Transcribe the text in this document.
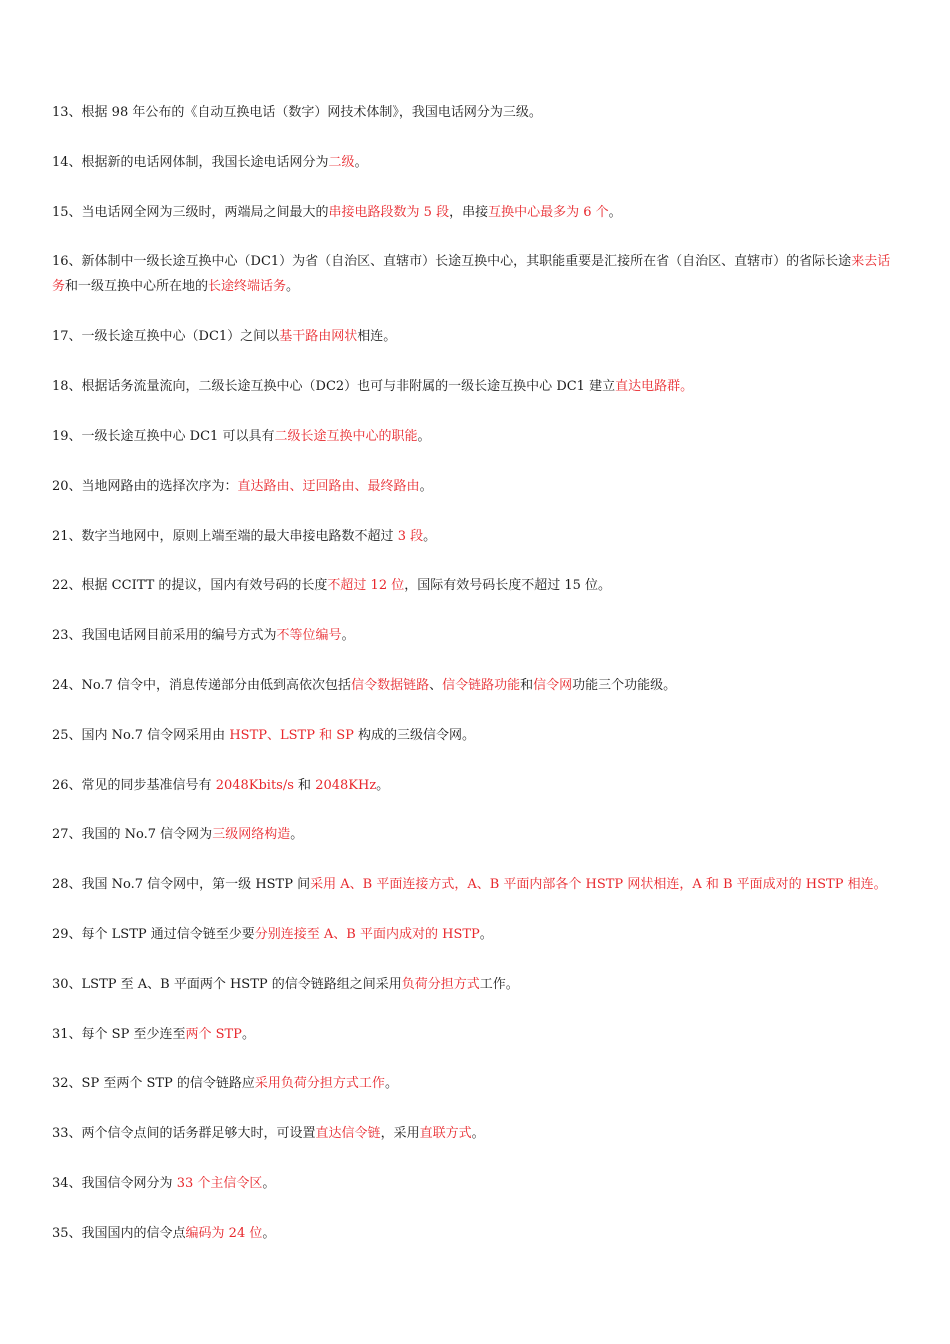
13、根据 98 年公布的《自动互换电话（数字）网技术体制》，我国电话网分为三级。
14、根据新的电话网体制，我国长途电话网分为二级。
15、当电话网全网为三级时，两端局之间最大的串接电路段数为 5 段，串接互换中心最多为 6 个。
16、新体制中一级长途互换中心（DC1）为省（自治区、直辖市）长途互换中心，其职能重要是汇接所在省（自治区、直辖市）的省际长途来去话务和一级互换中心所在地的长途终端话务。
17、一级长途互换中心（DC1）之间以基干路由网状相连。
18、根据话务流量流向，二级长途互换中心（DC2）也可与非附属的一级长途互换中心 DC1 建立直达电路群。
19、一级长途互换中心 DC1 可以具有二级长途互换中心的职能。
20、当地网路由的选择次序为：直达路由、迂回路由、最终路由。
21、数字当地网中，原则上端至端的最大串接电路数不超过 3 段。
22、根据 CCITT 的提议，国内有效号码的长度不超过 12 位，国际有效号码长度不超过 15 位。
23、我国电话网目前采用的编号方式为不等位编号。
24、No.7 信令中，消息传递部分由低到高依次包括信令数据链路、信令链路功能和信令网功能三个功能级。
25、国内 No.7 信令网采用由 HSTP、LSTP 和 SP 构成的三级信令网。
26、常见的同步基准信号有 2048Kbits/s 和 2048KHz。
27、我国的 No.7 信令网为三级网络构造。
28、我国 No.7 信令网中，第一级 HSTP 间采用 A、B 平面连接方式，A、B 平面内部各个 HSTP 网状相连，A 和 B 平面成对的 HSTP 相连。
29、每个 LSTP 通过信令链至少要分别连接至 A、B 平面内成对的 HSTP。
30、LSTP 至 A、B 平面两个 HSTP 的信令链路组之间采用负荷分担方式工作。
31、每个 SP 至少连至两个 STP。
32、SP 至两个 STP 的信令链路应采用负荷分担方式工作。
33、两个信令点间的话务群足够大时，可设置直达信令链，采用直联方式。
34、我国信令网分为 33 个主信令区。
35、我国国内的信令点编码为 24 位。
